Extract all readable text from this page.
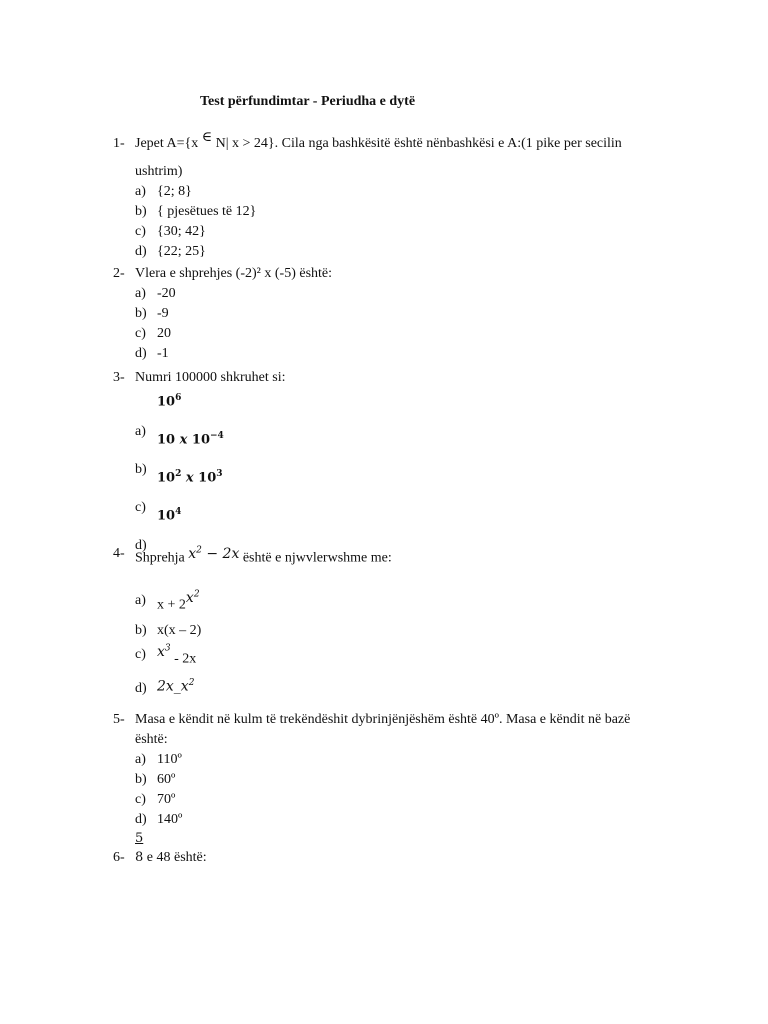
Test përfundimtar - Periudha e dytë
1- Jepet A={x ∈ N| x > 24}. Cila nga bashkësitë është nënbashkësi e A:(1 pike per secilin
ushtrim)
a) {2; 8}
b) { pjesëtues të 12}
c) {30; 42}
d) {22; 25}
2- Vlera e shprehjes (-2)² x (-5) është:
a) -20
b) -9
c) 20
d) -1
3- Numri 100000 shkruhet si:
a)
$10^6$
b)
10 x $10^{-4}$
c)
$10^2$ x $10^3$
d)
$10^4$
4- Shprehja $x^2 - 2x$ është e njwvlerwshme me:
a) $x + 2x^2$
b) x(x – 2)
c) $x^3 - 2x$
d) $2x\_x^2$
5- Masa e këndit në kulm të trekëndëshit dybrinjënjëshëm është 40º. Masa e këndit në bazë
është:
a) 110º
b) 60º
c) 70º
d) 140º
5
6- 8 e 48 është:
